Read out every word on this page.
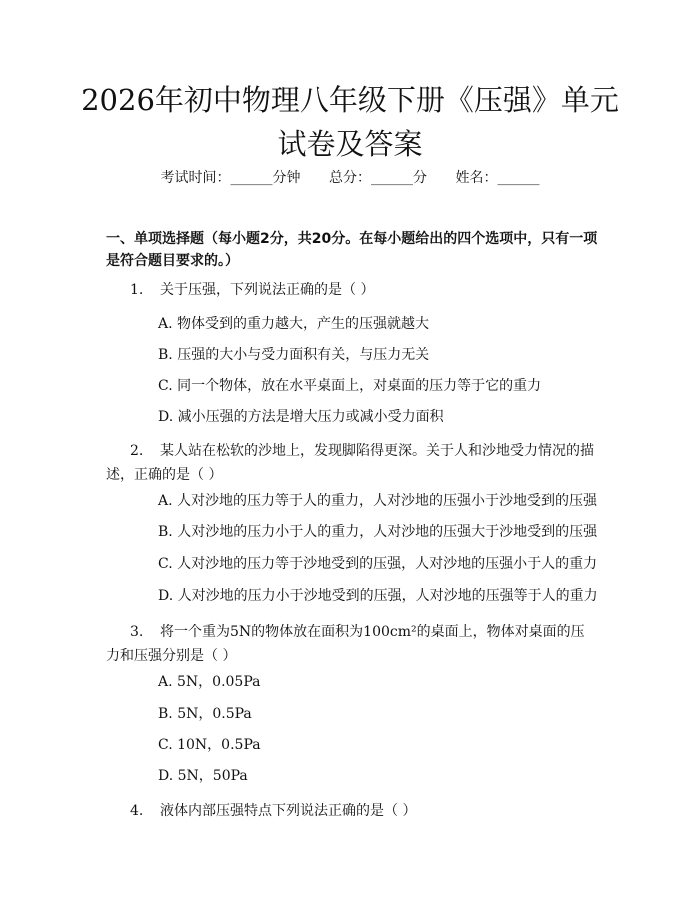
2026年初中物理八年级下册《压强》单元试卷及答案
考试时间：______分钟 总分：______分 姓名：______
一、单项选择题（每小题2分，共20分。在每小题给出的四个选项中，只有一项是符合题目要求的。）
1. 关于压强，下列说法正确的是（ ）
A. 物体受到的重力越大，产生的压强就越大
B. 压强的大小与受力面积有关，与压力无关
C. 同一个物体，放在水平桌面上，对桌面的压力等于它的重力
D. 减小压强的方法是增大压力或减小受力面积
2. 某人站在松软的沙地上，发现脚陷得更深。关于人和沙地受力情况的描述，正确的是（ ）
A. 人对沙地的压力等于人的重力，人对沙地的压强小于沙地受到的压强
B. 人对沙地的压力小于人的重力，人对沙地的压强大于沙地受到的压强
C. 人对沙地的压力等于沙地受到的压强，人对沙地的压强小于人的重力
D. 人对沙地的压力小于沙地受到的压强，人对沙地的压强等于人的重力
3. 将一个重为5N的物体放在面积为100cm²的桌面上，物体对桌面的压力和压强分别是（ ）
A. 5N，0.05Pa
B. 5N，0.5Pa
C. 10N，0.5Pa
D. 5N，50Pa
4. 液体内部压强特点下列说法正确的是（ ）
